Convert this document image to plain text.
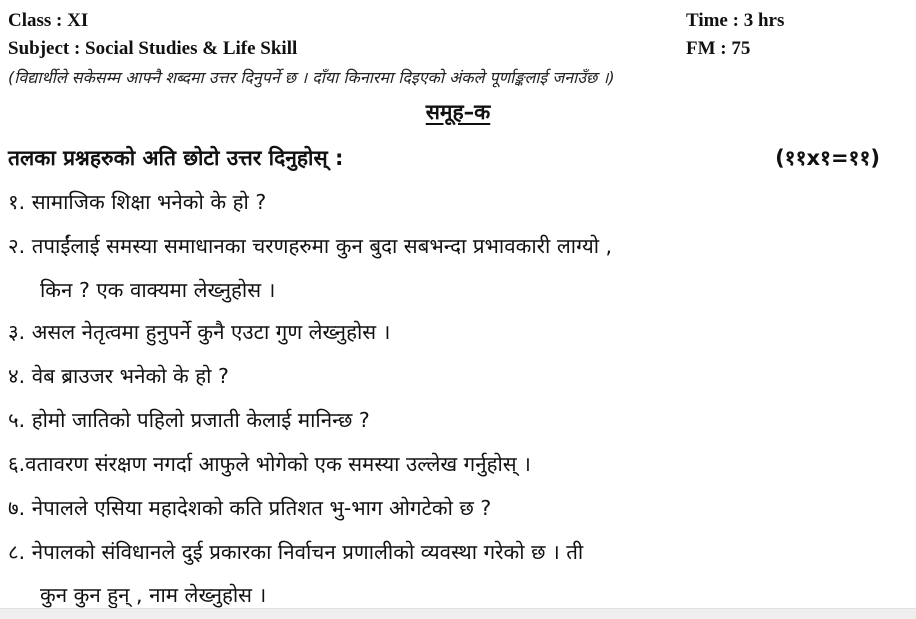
Class : XI	Time : 3 hrs
Subject : Social Studies & Life Skill	FM : 75
(विद्यार्थीले सकेसम्म आफ्नै शब्दमा उत्तर दिनुपर्ने छ । दाँया किनारमा दिइएको अंकले पूर्णाङ्कलाई जनाउँछ ।)
समूह–क
तलका प्रश्नहरुको अति छोटो उत्तर दिनुहोस् :	(११x१=११)
१. सामाजिक शिक्षा भनेको के हो ?
२. तपाईंलाई समस्या समाधानका चरणहरुमा कुन बुदा सबभन्दा प्रभावकारी लाग्यो ,
किन ? एक वाक्यमा लेख्नुहोस ।
३. असल नेतृत्वमा हुनुपर्ने कुनै एउटा गुण लेख्नुहोस ।
४. वेब ब्राउजर भनेको के हो ?
५. होमो जातिको पहिलो प्रजाती केलाई मानिन्छ ?
६.वतावरण संरक्षण नगर्दा आफुले भोगेको एक समस्या उल्लेख गर्नुहोस् ।
७. नेपालले एसिया महादेशको कति प्रतिशत भु-भाग ओगटेको छ ?
८. नेपालको संविधानले दुई प्रकारका निर्वाचन प्रणालीको व्यवस्था गरेको छ । ती
कुन कुन हुन् , नाम लेख्नुहोस ।
